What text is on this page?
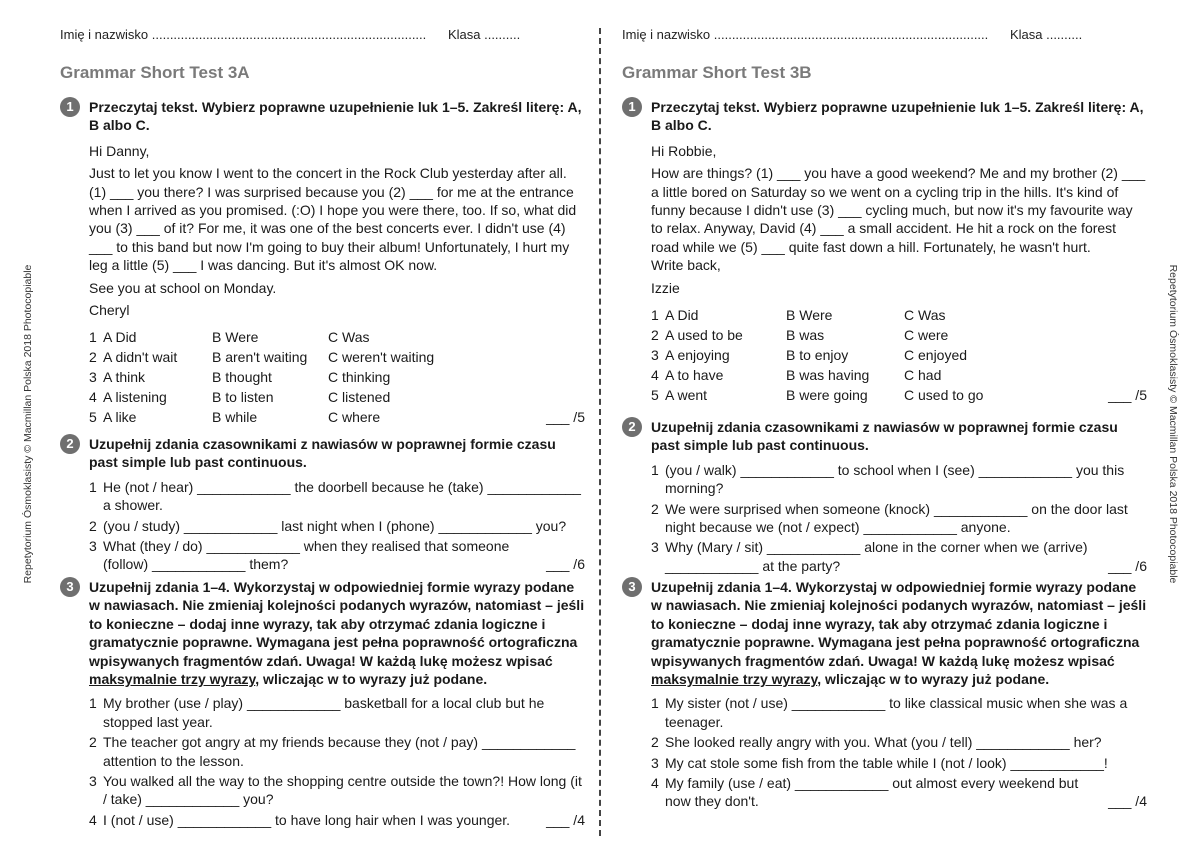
Repetytorium Ósmoklasisty © Macmillan Polska 2018 Photocopiable	Repetytorium Ósmoklasisty © Macmillan Polska 2018 Photocopiable
Imię i nazwisko ............................................................................ Klasa ..........
Grammar Short Test 3A
1	Przeczytaj tekst. Wybierz poprawne uzupełnienie luk 1–5. Zakreśl literę: A, B albo C.

Hi Danny,

Just to let you know I went to the concert in the Rock Club yesterday after all. (1) ___ you there? I was surprised because you (2) ___ for me at the entrance when I arrived as you promised. (:O) I hope you were there, too. If so, what did you (3) ___ of it? For me, it was one of the best concerts ever. I didn't use (4) ___ to this band but now I'm going to buy their album! Unfortunately, I hurt my leg a little (5) ___ I was dancing. But it's almost OK now.

See you at school on Monday.

Cheryl

1 A Did	B Were	C Was
2 A didn't wait	B aren't waiting	C weren't waiting
3 A think	B thought	C thinking
4 A listening	B to listen	C listened
5 A like	B while	C where	___ /5
2	Uzupełnij zdania czasownikami z nawiasów w poprawnej formie czasu past simple lub past continuous.
1 He (not / hear) ____________ the doorbell because he (take) ____________ a shower.
2 (you / study) ____________ last night when I (phone) ____________ you?
3 What (they / do) ____________ when they realised that someone (follow) ____________ them?	___ /6
3	Uzupełnij zdania 1–4. Wykorzystaj w odpowiedniej formie wyrazy podane w nawiasach. Nie zmieniaj kolejności podanych wyrazów, natomiast – jeśli to konieczne – dodaj inne wyrazy, tak aby otrzymać zdania logiczne i gramatycznie poprawne. Wymagana jest pełna poprawność ortograficzna wpisywanych fragmentów zdań. Uwaga! W każdą lukę możesz wpisać maksymalnie trzy wyrazy, wliczając w to wyrazy już podane.
1 My brother (use / play) ____________ basketball for a local club but he stopped last year.
2 The teacher got angry at my friends because they (not / pay) ____________ attention to the lesson.
3 You walked all the way to the shopping centre outside the town?! How long (it / take) ____________ you?
4 I (not / use) ____________ to have long hair when I was younger.	___ /4
Imię i nazwisko ............................................................................ Klasa ..........
Grammar Short Test 3B
1	Przeczytaj tekst. Wybierz poprawne uzupełnienie luk 1–5. Zakreśl literę: A, B albo C.

Hi Robbie,

How are things? (1) ___ you have a good weekend? Me and my brother (2) ___ a little bored on Saturday so we went on a cycling trip in the hills. It's kind of funny because I didn't use (3) ___ cycling much, but now it's my favourite way to relax. Anyway, David (4) ___ a small accident. He hit a rock on the forest road while we (5) ___ quite fast down a hill. Fortunately, he wasn't hurt.

Write back,

Izzie

1 A Did	B Were	C Was
2 A used to be	B was	C were
3 A enjoying	B to enjoy	C enjoyed
4 A to have	B was having	C had
5 A went	B were going	C used to go	___ /5
2	Uzupełnij zdania czasownikami z nawiasów w poprawnej formie czasu past simple lub past continuous.
1 (you / walk) ____________ to school when I (see) ____________ you this morning?
2 We were surprised when someone (knock) ____________ on the door last night because we (not / expect) ____________ anyone.
3 Why (Mary / sit) ____________ alone in the corner when we (arrive) ____________ at the party?	___ /6
3	Uzupełnij zdania 1–4. Wykorzystaj w odpowiedniej formie wyrazy podane w nawiasach. Nie zmieniaj kolejności podanych wyrazów, natomiast – jeśli to konieczne – dodaj inne wyrazy, tak aby otrzymać zdania logiczne i gramatycznie poprawne. Wymagana jest pełna poprawność ortograficzna wpisywanych fragmentów zdań. Uwaga! W każdą lukę możesz wpisać maksymalnie trzy wyrazy, wliczając w to wyrazy już podane.
1 My sister (not / use) ____________ to like classical music when she was a teenager.
2 She looked really angry with you. What (you / tell) ____________ her?
3 My cat stole some fish from the table while I (not / look) ____________!
4 My family (use / eat) ____________ out almost every weekend but now they don't.	___ /4
